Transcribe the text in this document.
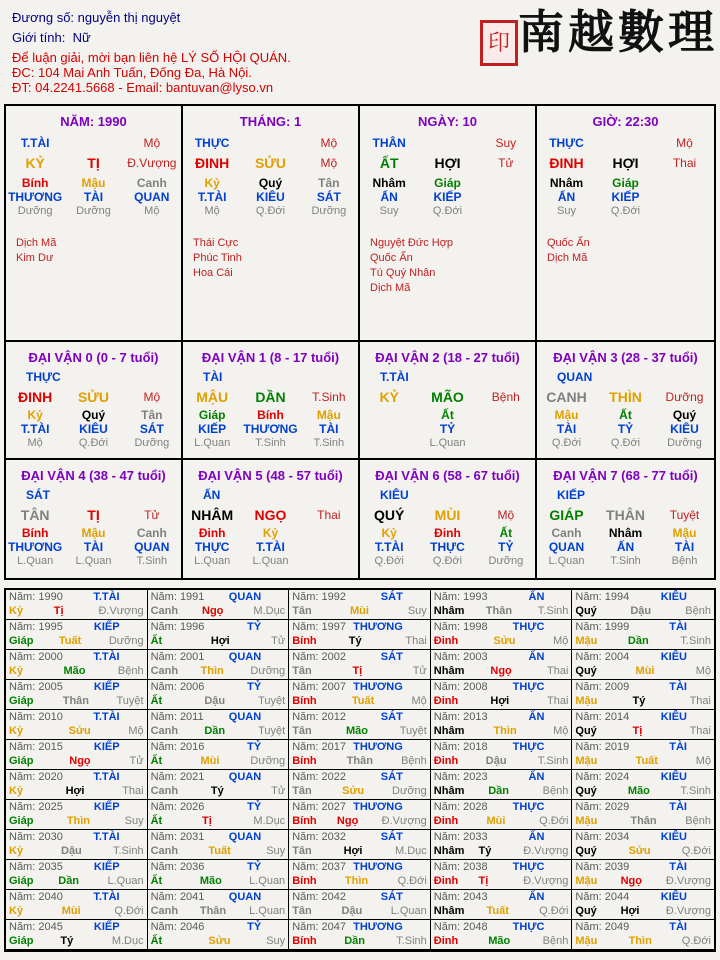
Đương số: nguyễn thị nguyệt
Giới tính: Nữ
Để luận giải, mời bạn liên hệ LÝ SỐ HỘI QUÁN.
ĐC: 104 Mai Anh Tuấn, Đống Đa, Hà Nội.
ĐT: 04.2241.5668 - Email: bantuvan@lyso.vn
印 南越數理
NĂM: 1990
T.TÀI	Mộ
KỶ	TỊ	Đ.Vượng
Bính	Mậu	Canh
THƯƠNG	TÀI	QUAN
Dưỡng	Dưỡng	Mộ
Dịch Mã
Kim Dư
THÁNG: 1
THỰC	Mộ
ĐINH	SỬU	Mộ
Kỷ	Quý	Tân
T.TÀI	KIÊU	SÁT
Mộ	Q.Đới	Dưỡng
Thái Cực
Phúc Tinh
Hoa Cái
NGÀY: 10
THÂN	Suy
ẤT	HỢI	Tử
Nhâm	Giáp
ẤN	KIẾP
Suy	Q.Đới
Nguyệt Đức Hợp
Quốc Ấn
Tú Quý Nhân
Dịch Mã
GIỜ: 22:30
THỰC	Mộ
ĐINH	HỢI	Thai
Nhâm	Giáp
ẤN	KIẾP
Suy	Q.Đới
Quốc Ấn
Dịch Mã
ĐẠI VẬN 0 (0 - 7 tuổi)
THỰC
ĐINH	SỬU	Mộ
Kỷ	Quý	Tân
T.TÀI	KIÊU	SÁT
Mộ	Q.Đới	Dưỡng
ĐẠI VẬN 1 (8 - 17 tuổi)
TÀI
MẬU	DẦN	T.Sinh
Giáp	Bính	Mậu
KIẾP	THƯƠNG	TÀI
L.Quan	T.Sinh	T.Sinh
ĐẠI VẬN 2 (18 - 27 tuổi)
T.TÀI
KỶ	MÃO	Bệnh
Ất
TỶ
L.Quan
ĐẠI VẬN 3 (28 - 37 tuổi)
QUAN
CANH	THÌN	Dưỡng
Mậu	Ất	Quý
TÀI	TỶ	KIÊU
Q.Đới	Q.Đới	Dưỡng
ĐẠI VẬN 4 (38 - 47 tuổi)
SÁT
TÂN	TỊ	Tử
Bính	Mậu	Canh
THƯƠNG	TÀI	QUAN
L.Quan	L.Quan	T.Sinh
ĐẠI VẬN 5 (48 - 57 tuổi)
ẤN
NHÂM	NGỌ	Thai
Đinh	Kỷ
THỰC	T.TÀI
L.Quan	L.Quan
ĐẠI VẬN 6 (58 - 67 tuổi)
KIÊU
QUÝ	MÙI	Mộ
Kỷ	Đinh	Ất
T.TÀI	THỰC	TỶ
Q.Đới	Q.Đới	Dưỡng
ĐẠI VẬN 7 (68 - 77 tuổi)
KIẾP
GIÁP	THÂN	Tuyệt
Canh	Nhâm	Mậu
QUAN	ẤN	TÀI
L.Quan	T.Sinh	Bệnh
Năm: 1990	T.TÀI
Kỷ	Tị	Đ.Vượng
Năm: 1991 QUAN
Canh	Ngọ	M.Dục
Năm: 1992	SÁT
Tân	Mùi	Suy
Năm: 1993	ẤN
Nhâm	Thân	T.Sinh
Năm: 1994	KIÊU
Quý	Dậu	Bệnh
Năm: 1995	KIẾP
Giáp	Tuất	Dưỡng
Năm: 1996	TỶ
Ất	Hợi	Tử
Năm: 1997 THƯƠNG
Bính	Tý	Thai
Năm: 1998 THỰC
Đinh	Sửu	Mộ
Năm: 1999	TÀI
Mậu	Dần	T.Sinh
Năm: 2000	T.TÀI
Kỷ	Mão	Bệnh
Năm: 2001 QUAN
Canh	Thìn	Dưỡng
Năm: 2002	SÁT
Tân	Tị	Tử
Năm: 2003	ẤN
Nhâm	Ngọ	Thai
Năm: 2004	KIÊU
Quý	Mùi	Mộ
Năm: 2005	KIẾP
Giáp	Thân	Tuyệt
Năm: 2006	TỶ
Ất	Dậu	Tuyệt
Năm: 2007 THƯƠNG
Bính	Tuất	Mộ
Năm: 2008 THỰC
Đinh	Hợi	Thai
Năm: 2009	TÀI
Mậu	Tý	Thai
Năm: 2010	T.TÀI
Kỷ	Sửu	Mộ
Năm: 2011 QUAN
Canh	Dần	Tuyệt
Năm: 2012	SÁT
Tân	Mão	Tuyệt
Năm: 2013	ẤN
Nhâm	Thìn	Mộ
Năm: 2014	KIÊU
Quý	Tị	Thai
Năm: 2015	KIẾP
Giáp	Ngọ	Tử
Năm: 2016	TỶ
Ất	Mùi	Dưỡng
Năm: 2017 THƯƠNG
Bính	Thân	Bệnh
Năm: 2018 THỰC
Đinh	Dậu	T.Sinh
Năm: 2019	TÀI
Mậu	Tuất	Mộ
Năm: 2020	T.TÀI
Kỷ	Hợi	Thai
Năm: 2021 QUAN
Canh	Tý	Tử
Năm: 2022	SÁT
Tân	Sửu	Dưỡng
Năm: 2023	ẤN
Nhâm	Dần	Bệnh
Năm: 2024	KIÊU
Quý	Mão	T.Sinh
Năm: 2025	KIẾP
Giáp	Thìn	Suy
Năm: 2026	TỶ
Ất	Tị	M.Dục
Năm: 2027 THƯƠNG
Bính	Ngọ	Đ.Vượng
Năm: 2028 THỰC
Đinh	Mùi	Q.Đới
Năm: 2029	TÀI
Mậu	Thân	Bệnh
Năm: 2030	T.TÀI
Kỷ	Dậu	T.Sinh
Năm: 2031 QUAN
Canh	Tuất	Suy
Năm: 2032	SÁT
Tân	Hợi	M.Dục
Năm: 2033	ẤN
Nhâm	Tý	Đ.Vượng
Năm: 2034	KIÊU
Quý	Sửu	Q.Đới
Năm: 2035	KIẾP
Giáp	Dần	L.Quan
Năm: 2036	TỶ
Ất	Mão	L.Quan
Năm: 2037 THƯƠNG
Bính	Thìn	Q.Đới
Năm: 2038 THỰC
Đinh	Tị	Đ.Vượng
Năm: 2039	TÀI
Mậu	Ngọ	Đ.Vượng
Năm: 2040	T.TÀI
Kỷ	Mùi	Q.Đới
Năm: 2041 QUAN
Canh	Thân	L.Quan
Năm: 2042	SÁT
Tân	Dậu	L.Quan
Năm: 2043	ẤN
Nhâm	Tuất	Q.Đới
Năm: 2044	KIÊU
Quý	Hợi	Đ.Vượng
Năm: 2045	KIẾP
Giáp	Tý	M.Dục
Năm: 2046	TỶ
Ất	Sửu	Suy
Năm: 2047 THƯƠNG
Bính	Dần	T.Sinh
Năm: 2048 THỰC
Đinh	Mão	Bệnh
Năm: 2049	TÀI
Mậu	Thìn	Q.Đới
